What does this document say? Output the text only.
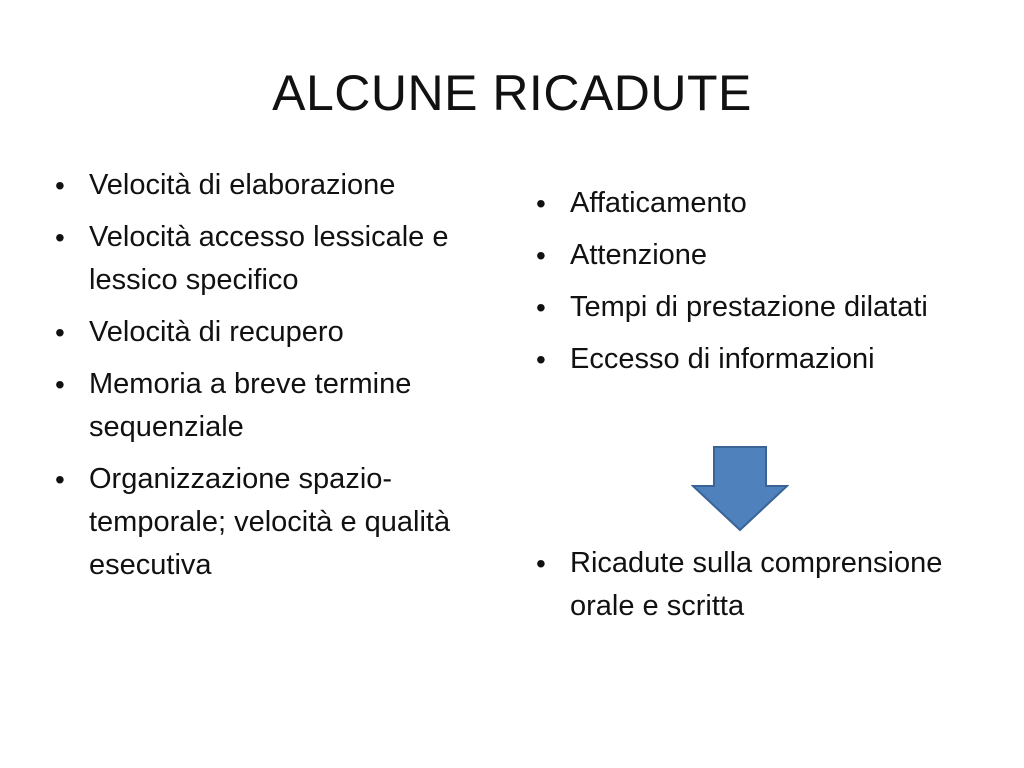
ALCUNE RICADUTE
• Velocità di elaborazione
• Velocità accesso lessicale e lessico specifico
• Velocità di recupero
• Memoria a breve termine sequenziale
• Organizzazione spazio-temporale; velocità e qualità esecutiva
• Affaticamento
• Attenzione
• Tempi di prestazione dilatati
• Eccesso di informazioni
• Ricadute sulla comprensione orale e scritta
